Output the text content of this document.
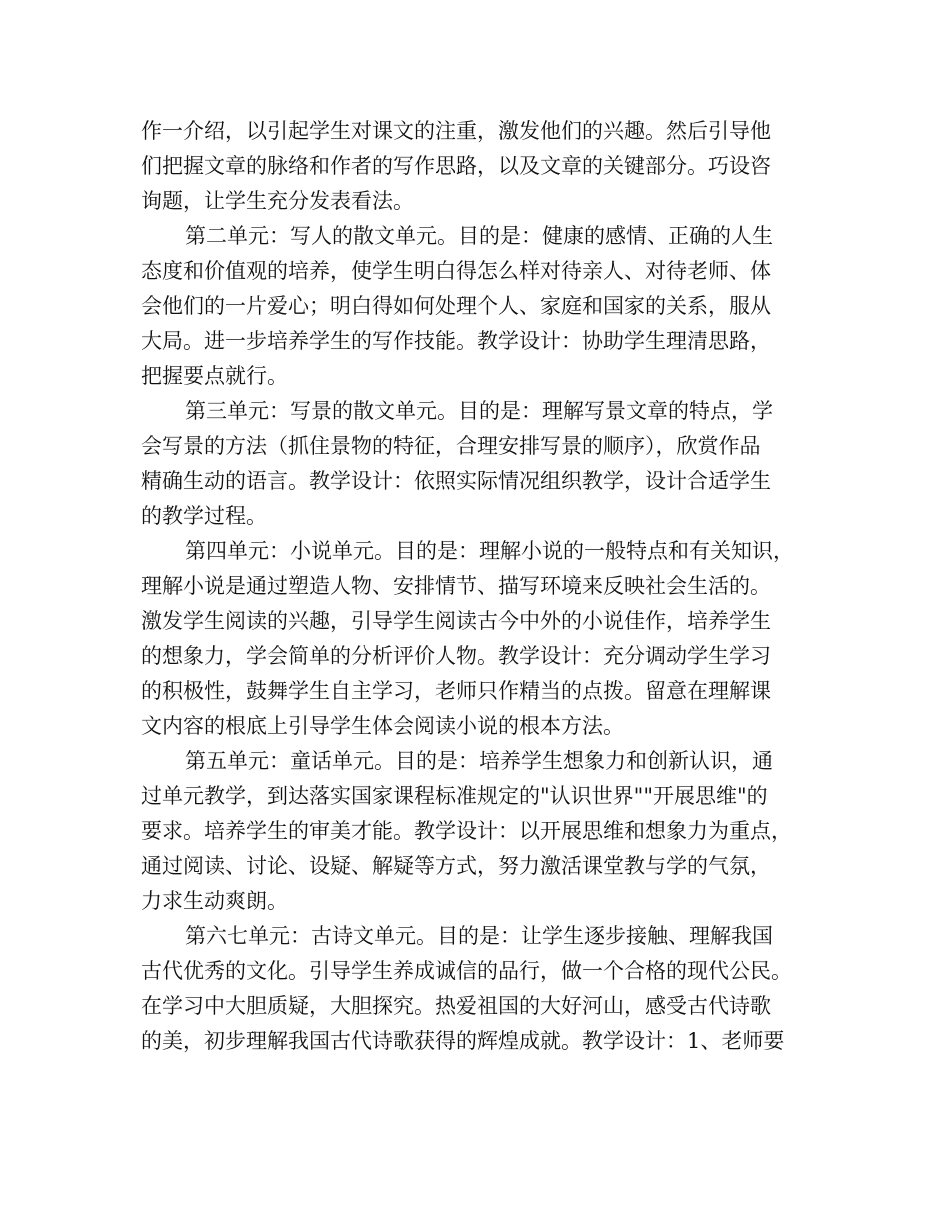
作一介绍，以引起学生对课文的注重，激发他们的兴趣。然后引导他
们把握文章的脉络和作者的写作思路，以及文章的关键部分。巧设咨
询题，让学生充分发表看法。
第二单元：写人的散文单元。目的是：健康的感情、正确的人生
态度和价值观的培养，使学生明白得怎么样对待亲人、对待老师、体
会他们的一片爱心；明白得如何处理个人、家庭和国家的关系，服从
大局。进一步培养学生的写作技能。教学设计：协助学生理清思路，
把握要点就行。
第三单元：写景的散文单元。目的是：理解写景文章的特点，学
会写景的方法（抓住景物的特征，合理安排写景的顺序），欣赏作品
精确生动的语言。教学设计：依照实际情况组织教学，设计合适学生
的教学过程。
第四单元：小说单元。目的是：理解小说的一般特点和有关知识，
理解小说是通过塑造人物、安排情节、描写环境来反映社会生活的。
激发学生阅读的兴趣，引导学生阅读古今中外的小说佳作，培养学生
的想象力，学会简单的分析评价人物。教学设计：充分调动学生学习
的积极性，鼓舞学生自主学习，老师只作精当的点拨。留意在理解课
文内容的根底上引导学生体会阅读小说的根本方法。
第五单元：童话单元。目的是：培养学生想象力和创新认识，通
过单元教学，到达落实国家课程标准规定的"认识世界""开展思维"的
要求。培养学生的审美才能。教学设计：以开展思维和想象力为重点，
通过阅读、讨论、设疑、解疑等方式，努力激活课堂教与学的气氛，
力求生动爽朗。
第六七单元：古诗文单元。目的是：让学生逐步接触、理解我国
古代优秀的文化。引导学生养成诚信的品行，做一个合格的现代公民。
在学习中大胆质疑，大胆探究。热爱祖国的大好河山，感受古代诗歌
的美，初步理解我国古代诗歌获得的辉煌成就。教学设计：1、老师要
